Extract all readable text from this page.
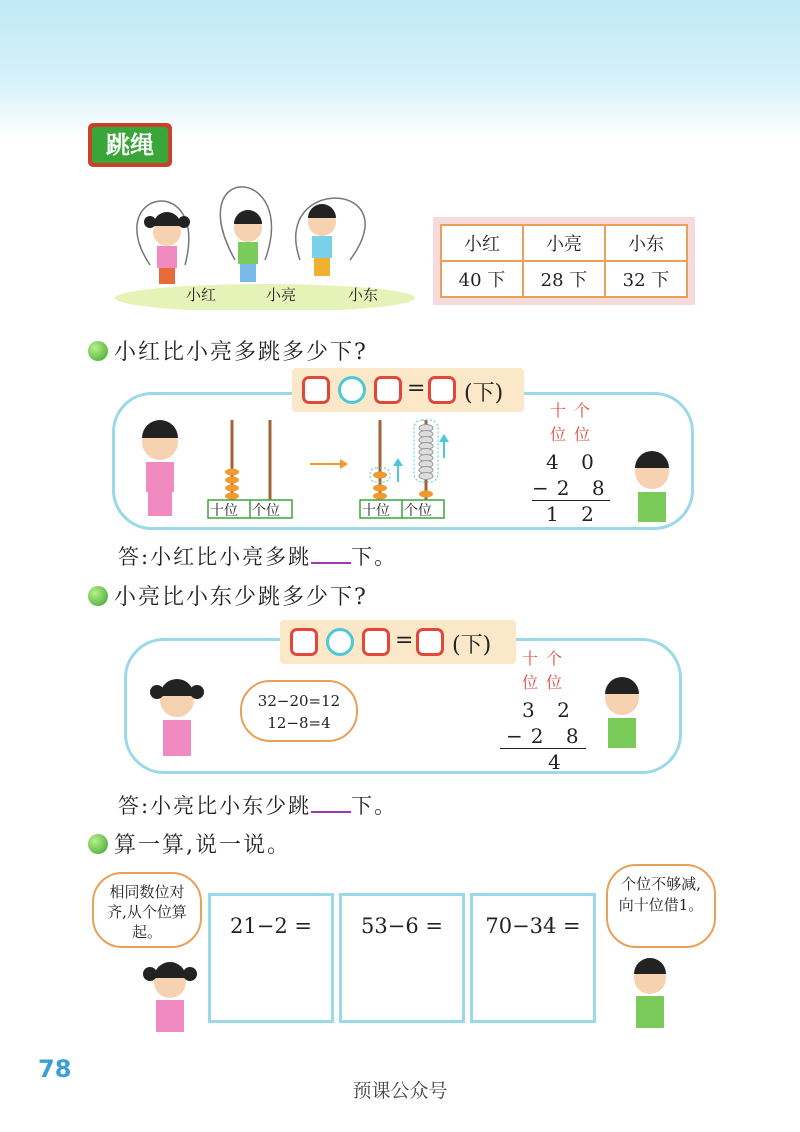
跳绳
小红	小亮	小东
小红	小亮	小东
40 下	28 下	32 下
小红比小亮多跳多少下?
= (下)
十位 个位	十位 个位
十 个
位 位
4 0
−2 8
1 2
答:小红比小亮多跳 下。
小亮比小东少跳多少下?
= (下)
32−20=12
12−8=4
十 个
位 位
3 2
−2 8
4
答:小亮比小东少跳 下。
算一算,说一说。
相同数位对齐,从个位算起。	21−2 =	53−6 =	70−34 =
个位不够减,向十位借1。
78
预课公众号
